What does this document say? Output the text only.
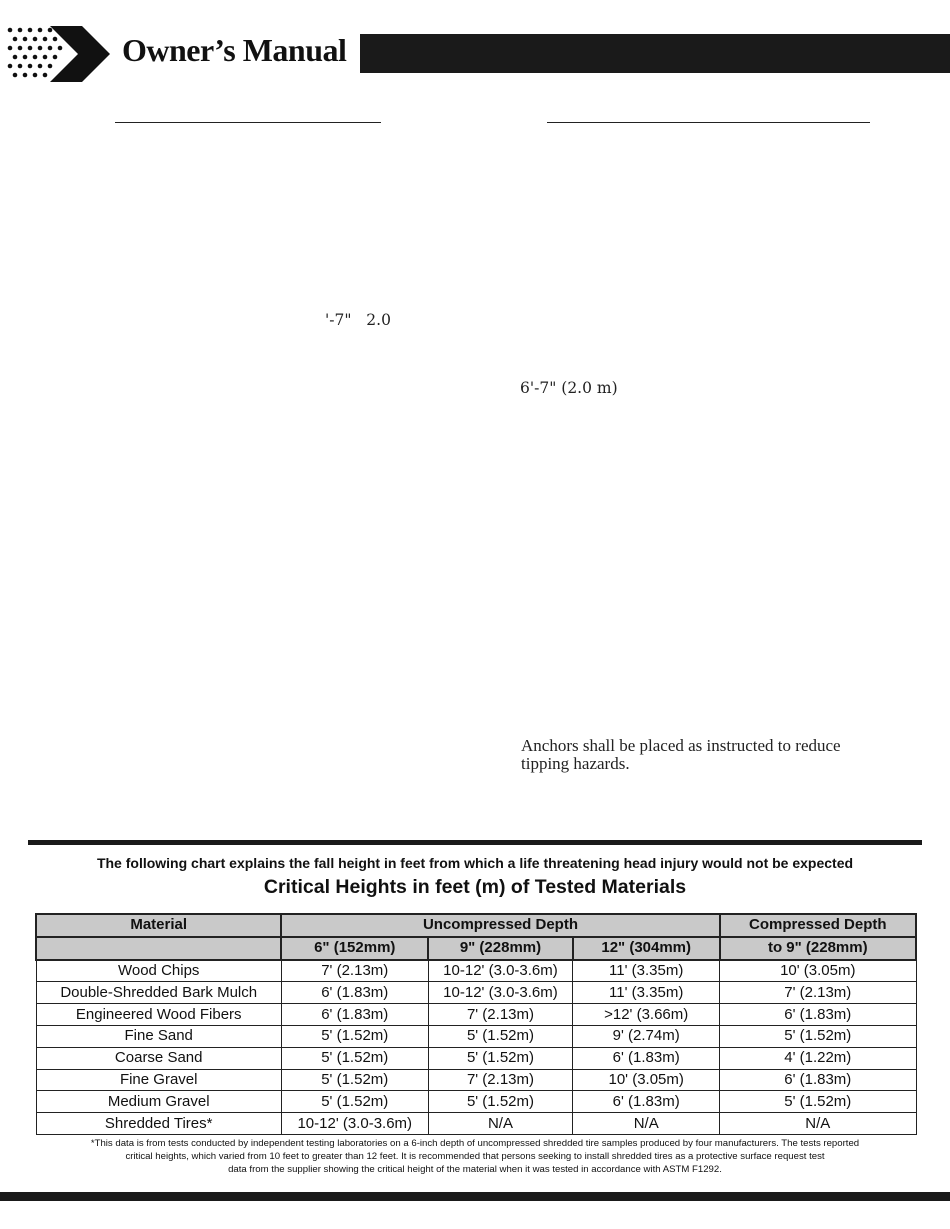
Owner’s Manual
'-7" 2.0
6'-7" (2.0 m)
Anchors shall be placed as instructed to reduce
tipping hazards.
The following chart explains the fall height in feet from which a life threatening head injury would not be expected
Critical Heights in feet (m) of Tested Materials
Material	Uncompressed Depth			Compressed Depth
	6" (152mm)	9" (228mm)	12" (304mm)	to 9" (228mm)
Wood Chips	7' (2.13m)	10-12' (3.0-3.6m)	11' (3.35m)	10' (3.05m)
Double-Shredded Bark Mulch	6' (1.83m)	10-12' (3.0-3.6m)	11' (3.35m)	7' (2.13m)
Engineered Wood Fibers	6' (1.83m)	7' (2.13m)	>12' (3.66m)	6' (1.83m)
Fine Sand	5' (1.52m)	5' (1.52m)	9' (2.74m)	5' (1.52m)
Coarse Sand	5' (1.52m)	5' (1.52m)	6' (1.83m)	4' (1.22m)
Fine Gravel	5' (1.52m)	7' (2.13m)	10' (3.05m)	6' (1.83m)
Medium Gravel	5' (1.52m)	5' (1.52m)	6' (1.83m)	5' (1.52m)
Shredded Tires*	10-12' (3.0-3.6m)	N/A	N/A	N/A
*This data is from tests conducted by independent testing laboratories on a 6-inch depth of uncompressed shredded tire samples produced by four manufacturers. The tests reported
critical heights, which varied from 10 feet to greater than 12 feet. It is recommended that persons seeking to install shredded tires as a protective surface request test
data from the supplier showing the critical height of the material when it was tested in accordance with ASTM F1292.
